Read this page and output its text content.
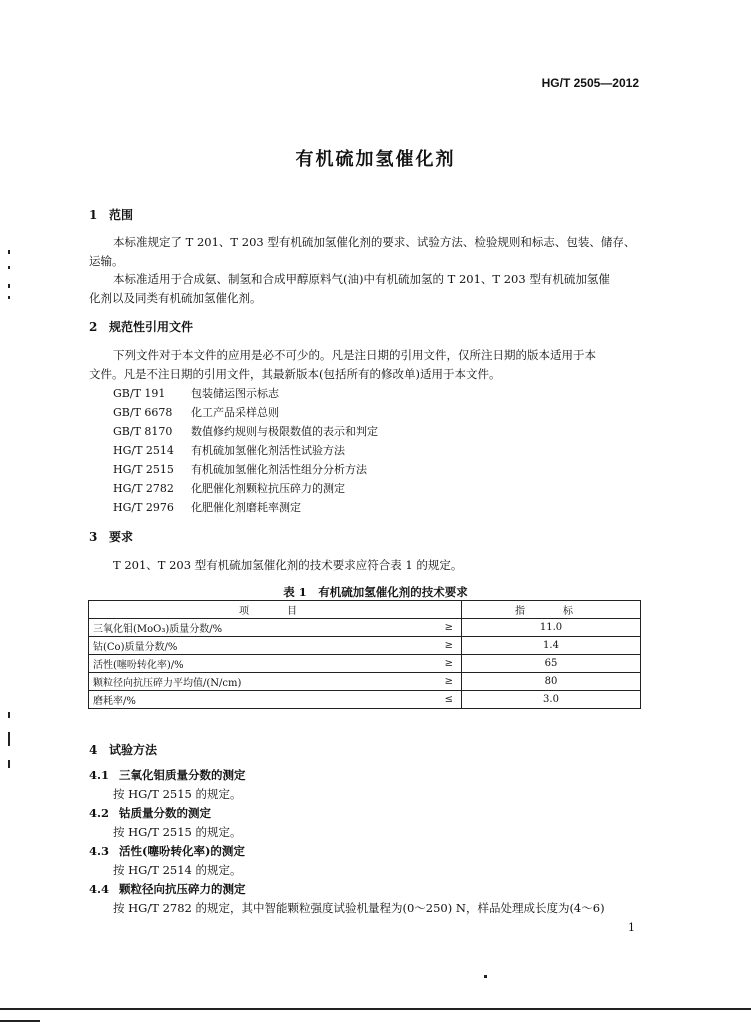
HG/T 2505—2012
有机硫加氢催化剂
1 范围
本标准规定了 T 201、T 203 型有机硫加氢催化剂的要求、试验方法、检验规则和标志、包装、储存、
运输。
本标准适用于合成氨、制氢和合成甲醇原料气(油)中有机硫加氢的 T 201、T 203 型有机硫加氢催
化剂以及同类有机硫加氢催化剂。
2 规范性引用文件
下列文件对于本文件的应用是必不可少的。凡是注日期的引用文件，仅所注日期的版本适用于本
文件。凡是不注日期的引用文件，其最新版本(包括所有的修改单)适用于本文件。
GB/T 191 包装储运图示标志
GB/T 6678 化工产品采样总则
GB/T 8170 数值修约规则与极限数值的表示和判定
HG/T 2514 有机硫加氢催化剂活性试验方法
HG/T 2515 有机硫加氢催化剂活性组分分析方法
HG/T 2782 化肥催化剂颗粒抗压碎力的测定
HG/T 2976 化肥催化剂磨耗率测定
3 要求
T 201、T 203 型有机硫加氢催化剂的技术要求应符合表 1 的规定。
表 1　有机硫加氢催化剂的技术要求
项　目		指　标
三氧化钼(MoO₃)质量分数/%	≥	11.0
钴(Co)质量分数/%	≥	1.4
活性(噻吩转化率)/%	≥	65
颗粒径向抗压碎力平均值/(N/cm)	≥	80
磨耗率/%	≤	3.0
4 试验方法
4.1 三氧化钼质量分数的测定
按 HG/T 2515 的规定。
4.2 钴质量分数的测定
按 HG/T 2515 的规定。
4.3 活性(噻吩转化率)的测定
按 HG/T 2514 的规定。
4.4 颗粒径向抗压碎力的测定
按 HG/T 2782 的规定，其中智能颗粒强度试验机量程为(0～250) N，样品处理成长度为(4～6)
1
